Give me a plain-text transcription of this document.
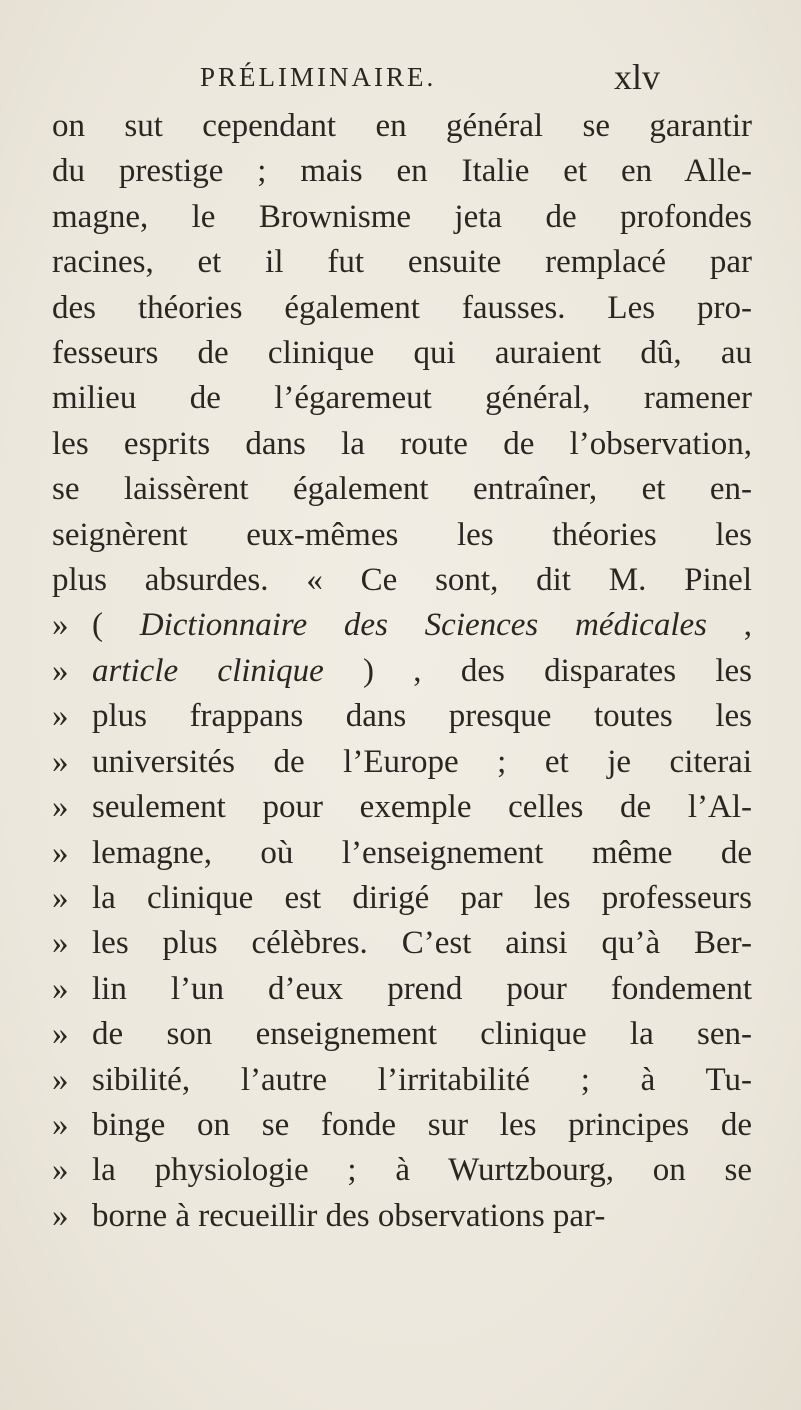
PRÉLIMINAIRE.	xlv
on sut cependant en général se garantir
du prestige ; mais en Italie et en Alle-
magne, le Brownisme jeta de profondes
racines, et il fut ensuite remplacé par
des théories également fausses. Les pro-
fesseurs de clinique qui auraient dû, au
milieu de l’égaremeut général, ramener
les esprits dans la route de l’observation,
se laissèrent également entraîner, et en-
seignèrent eux-mêmes les théories les
plus absurdes. « Ce sont, dit M. Pinel
» ( Dictionnaire des Sciences médicales ,
» article clinique ) , des disparates les
» plus frappans dans presque toutes les
» universités de l’Europe ; et je citerai
» seulement pour exemple celles de l’Al-
» lemagne, où l’enseignement même de
» la clinique est dirigé par les professeurs
» les plus célèbres. C’est ainsi qu’à Ber-
» lin l’un d’eux prend pour fondement
» de son enseignement clinique la sen-
» sibilité, l’autre l’irritabilité ; à Tu-
» binge on se fonde sur les principes de
» la physiologie ; à Wurtzbourg, on se
» borne à recueillir des observations par-
